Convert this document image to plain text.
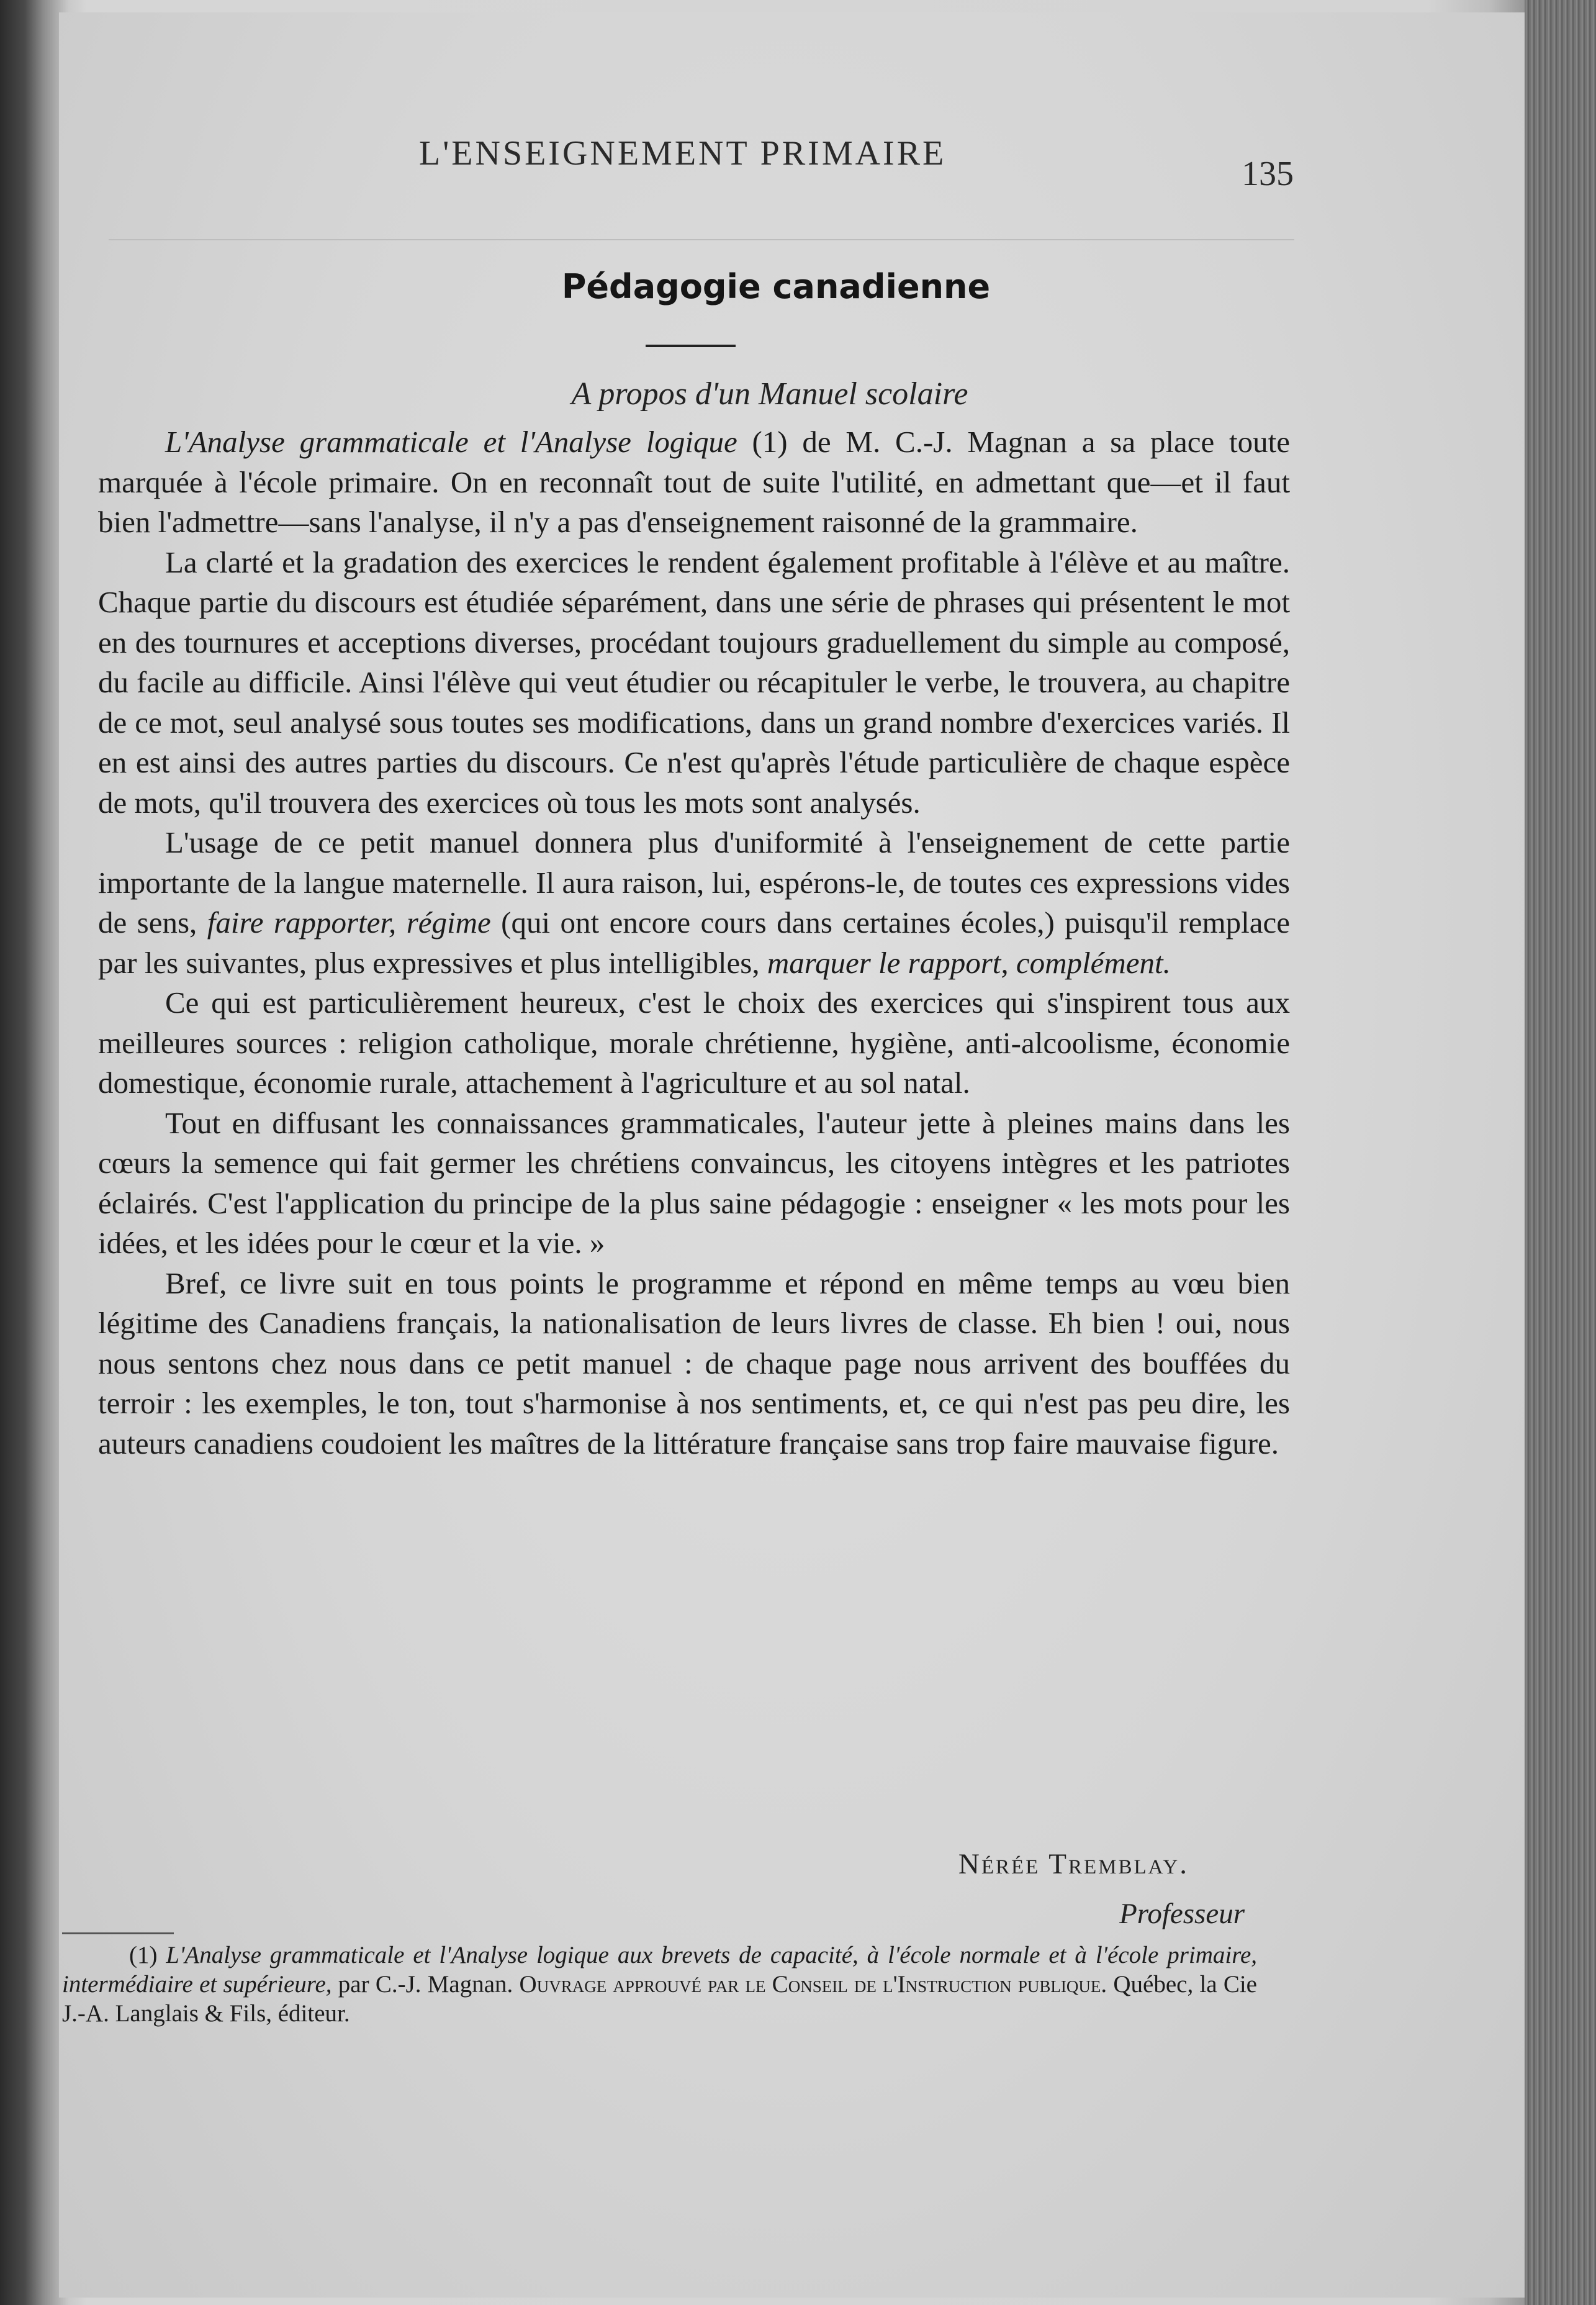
L'ENSEIGNEMENT PRIMAIRE
135
Pédagogie canadienne
A propos d'un Manuel scolaire

L'Analyse grammaticale et l'Analyse logique (1) de M. C.-J. Magnan a sa place toute marquée à l'école primaire. On en reconnaît tout de suite l'utilité, en admettant que—et il faut bien l'admettre—sans l'analyse, il n'y a pas d'enseignement raisonné de la grammaire.

La clarté et la gradation des exercices le rendent également profitable à l'élève et au maître. Chaque partie du discours est étudiée séparément, dans une série de phrases qui présentent le mot en des tournures et acceptions diverses, procédant toujours graduellement du simple au composé, du facile au difficile. Ainsi l'élève qui veut étudier ou récapituler le verbe, le trouvera, au chapitre de ce mot, seul analysé sous toutes ses modifications, dans un grand nombre d'exercices variés. Il en est ainsi des autres parties du discours. Ce n'est qu'après l'étude particulière de chaque espèce de mots, qu'il trouvera des exercices où tous les mots sont analysés.

L'usage de ce petit manuel donnera plus d'uniformité à l'enseignement de cette partie importante de la langue maternelle. Il aura raison, lui, espérons-le, de toutes ces expressions vides de sens, faire rapporter, régime (qui ont encore cours dans certaines écoles,) puisqu'il remplace par les suivantes, plus expressives et plus intelligibles, marquer le rapport, complément.

Ce qui est particulièrement heureux, c'est le choix des exercices qui s'inspirent tous aux meilleures sources : religion catholique, morale chrétienne, hygiène, anti-alcoolisme, économie domestique, économie rurale, attachement à l'agriculture et au sol natal.

Tout en diffusant les connaissances grammaticales, l'auteur jette à pleines mains dans les cœurs la semence qui fait germer les chrétiens convaincus, les citoyens intègres et les patriotes éclairés. C'est l'application du principe de la plus saine pédagogie : enseigner « les mots pour les idées, et les idées pour le cœur et la vie. »

Bref, ce livre suit en tous points le programme et répond en même temps au vœu bien légitime des Canadiens français, la nationalisation de leurs livres de classe. Eh bien ! oui, nous nous sentons chez nous dans ce petit manuel : de chaque page nous arrivent des bouffées du terroir : les exemples, le ton, tout s'harmonise à nos sentiments, et, ce qui n'est pas peu dire, les auteurs canadiens coudoient les maîtres de la littérature française sans trop faire mauvaise figure.

Nérée Tremblay.
Professeur

(1) L'Analyse grammaticale et l'Analyse logique aux brevets de capacité, à l'école normale et à l'école primaire, intermédiaire et supérieure, par C.-J. Magnan. Ouvrage approuvé par le Conseil de l'Instruction publique. Québec, la Cie J.-A. Langlais & Fils, éditeur.
